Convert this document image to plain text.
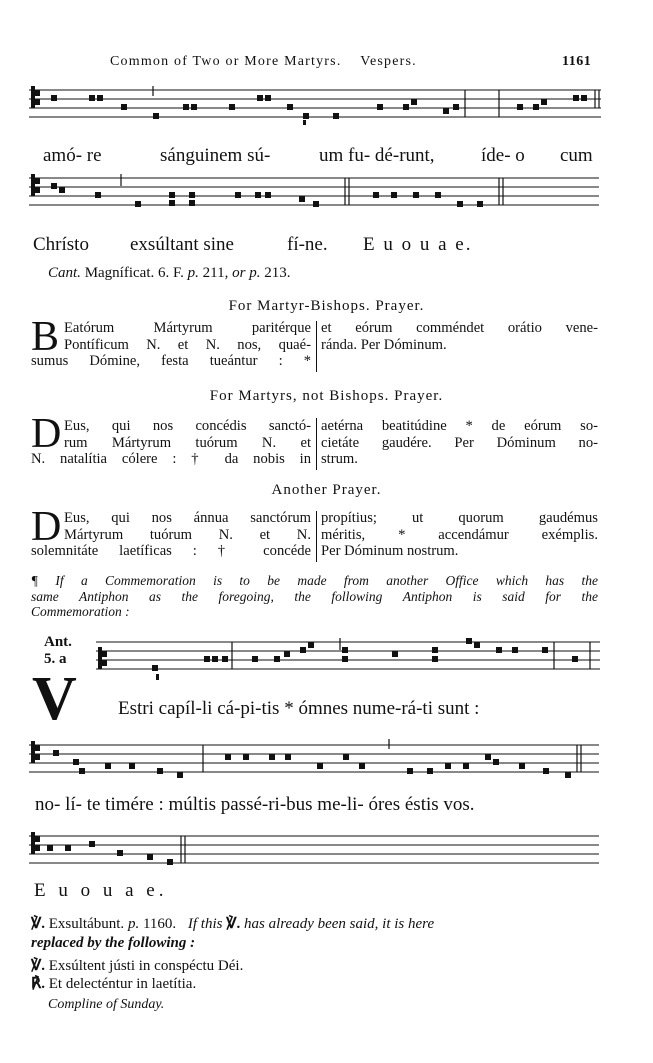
Common of Two or More Martyrs. Vespers.	1161
amó- re	sánguinem sú-	um fu- dé-runt, íde- o cum
Chrísto exsúltant sine	fí-ne. E u o u a e.
Cant. Magníficat. 6. F. p. 211, or p. 213.
For Martyr-Bishops. Prayer.
B Eatórum Mártyrum paritérque
Pontíficum N. et N. nos, quaé-
sumus Dómine, festa tueántur : *
et eórum comméndet orátio vene-
ránda. Per Dóminum.
For Martyrs, not Bishops. Prayer.
D Eus, qui nos concédis sanctó-
rum Mártyrum tuórum N. et
N. natalítia cólere : † da nobis in
aetérna beatitúdine * de eórum so-
cietáte gaudére. Per Dóminum no-
strum.
Another Prayer.
D Eus, qui nos ánnua sanctórum
Mártyrum tuórum N. et N.
solemnitáte laetíficas : † concéde
propítius; ut quorum gaudémus
méritis, * accendámur exémplis.
Per Dóminum nostrum.
¶ If a Commemoration is to be made from another Office which has the
same Antiphon as the foregoing, the following Antiphon is said for the
Commemoration :
Ant.
5. a
V Estri capíl-li cá-pi-tis * ómnes nume-rá-ti sunt :
no- lí- te timére : múltis passé-ri-bus me-li- óres éstis vos.
E u o u a e.
℣. Exsultábunt. p. 1160. If this ℣. has already been said, it is here
replaced by the following :
℣. Exsúltent jústi in conspéctu Déi.
℟. Et delecténtur in laetítia.
Compline of Sunday.
